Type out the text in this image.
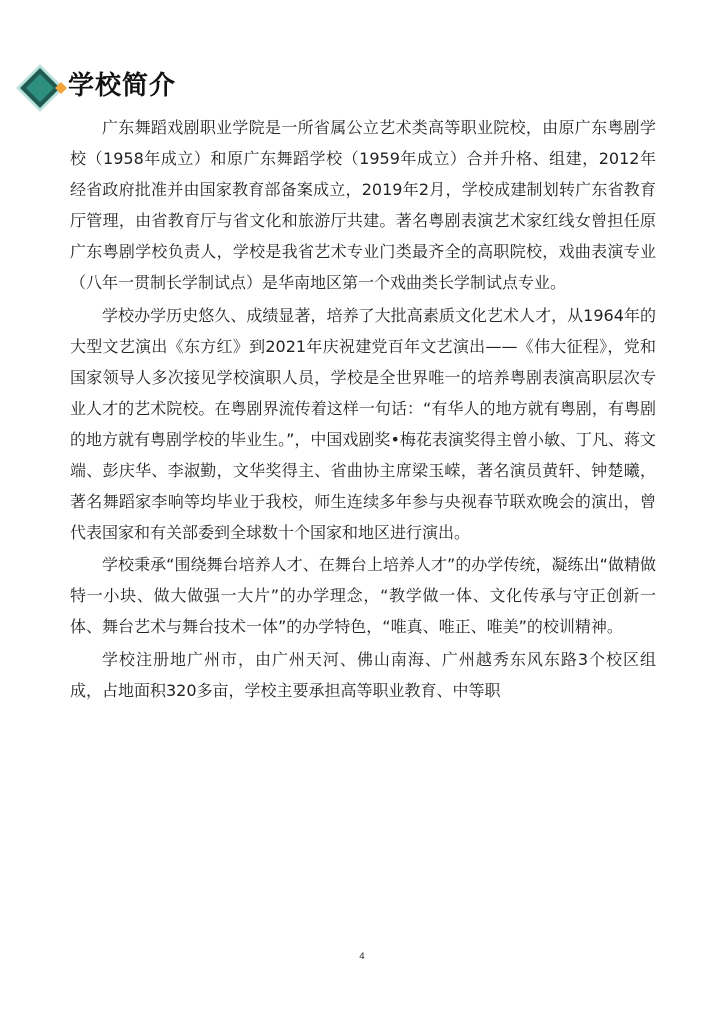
学校简介

广东舞蹈戏剧职业学院是一所省属公立艺术类高等职业院校，由原广东粤剧学校（1958年成立）和原广东舞蹈学校（1959年成立）合并升格、组建，2012年经省政府批准并由国家教育部备案成立，2019年2月，学校成建制划转广东省教育厅管理，由省教育厅与省文化和旅游厅共建。著名粤剧表演艺术家红线女曾担任原广东粤剧学校负责人，学校是我省艺术专业门类最齐全的高职院校，戏曲表演专业（八年一贯制长学制试点）是华南地区第一个戏曲类长学制试点专业。

学校办学历史悠久、成绩显著，培养了大批高素质文化艺术人才，从1964年的大型文艺演出《东方红》到2021年庆祝建党百年文艺演出——《伟大征程》，党和国家领导人多次接见学校演职人员，学校是全世界唯一的培养粤剧表演高职层次专业人才的艺术院校。在粤剧界流传着这样一句话：“有华人的地方就有粤剧，有粤剧的地方就有粤剧学校的毕业生。”，中国戏剧奖•梅花表演奖得主曾小敏、丁凡、蒋文端、彭庆华、李淑勤，文华奖得主、省曲协主席梁玉嵘，著名演员黄轩、钟楚曦，著名舞蹈家李响等均毕业于我校，师生连续多年参与央视春节联欢晚会的演出，曾代表国家和有关部委到全球数十个国家和地区进行演出。

学校秉承“围绕舞台培养人才、在舞台上培养人才”的办学传统，凝练出“做精做特一小块、做大做强一大片”的办学理念，“教学做一体、文化传承与守正创新一体、舞台艺术与舞台技术一体”的办学特色，“唯真、唯正、唯美”的校训精神。

学校注册地广州市，由广州天河、佛山南海、广州越秀东风东路3个校区组成，占地面积320多亩，学校主要承担高等职业教育、中等职

4
